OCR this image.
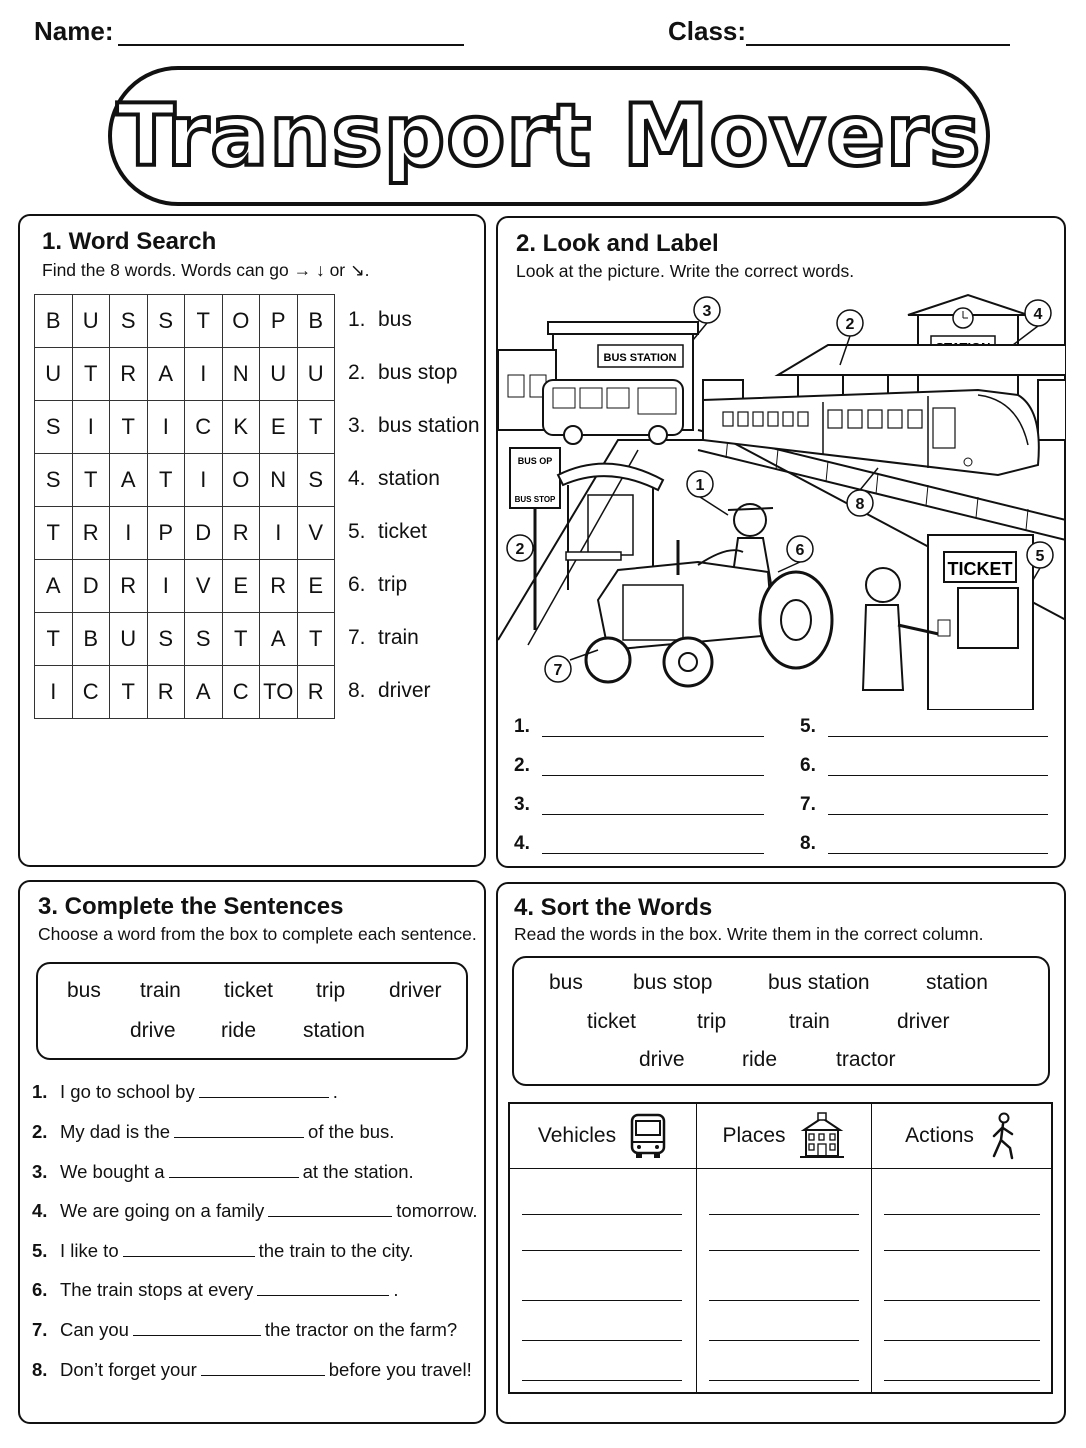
Name:	Class:
Transport Movers
1. Word Search
Find the 8 words. Words can go → ↓ or ↘.
B	U	S	S	T	O	P	B
U	T	R	A	I	N	U	U
S	I	T	I	C	K	E	T
S	T	A	T	I	O	N	S
T	R	I	P	D	R	I	V
A	D	R	I	V	E	R	E
T	B	U	S	S	T	A	T
I	C	T	R	A	C	TO	R
1. bus
2. bus stop
3. bus station
4. station
5. ticket
6. trip
7. train
8. driver
2. Look and Label
Look at the picture. Write the correct words.
BUS STATION
BUS OP
BUS STOP
TICKET
3
2
4
1
8
2	6	5
7
1.
2.
3.
4.
5.
6.
7.
8.
3. Complete the Sentences
Choose a word from the box to complete each sentence.
bus train ticket trip driver
drive ride station
1. I go to school by	.
2. My dad is the	of the bus.
3. We bought a	at the station.
4. We are going on a family	tomorrow.
5. I like to	the train to the city.
6. The train stops at every	.
7. Can you	the tractor on the farm?
8. Don’t forget your	before you travel!
4. Sort the Words
Read the words in the box. Write them in the correct column.
bus bus stop	bus station	station
ticket	trip	train	driver
drive	ride	tractor
Vehicles	Places	Actions
